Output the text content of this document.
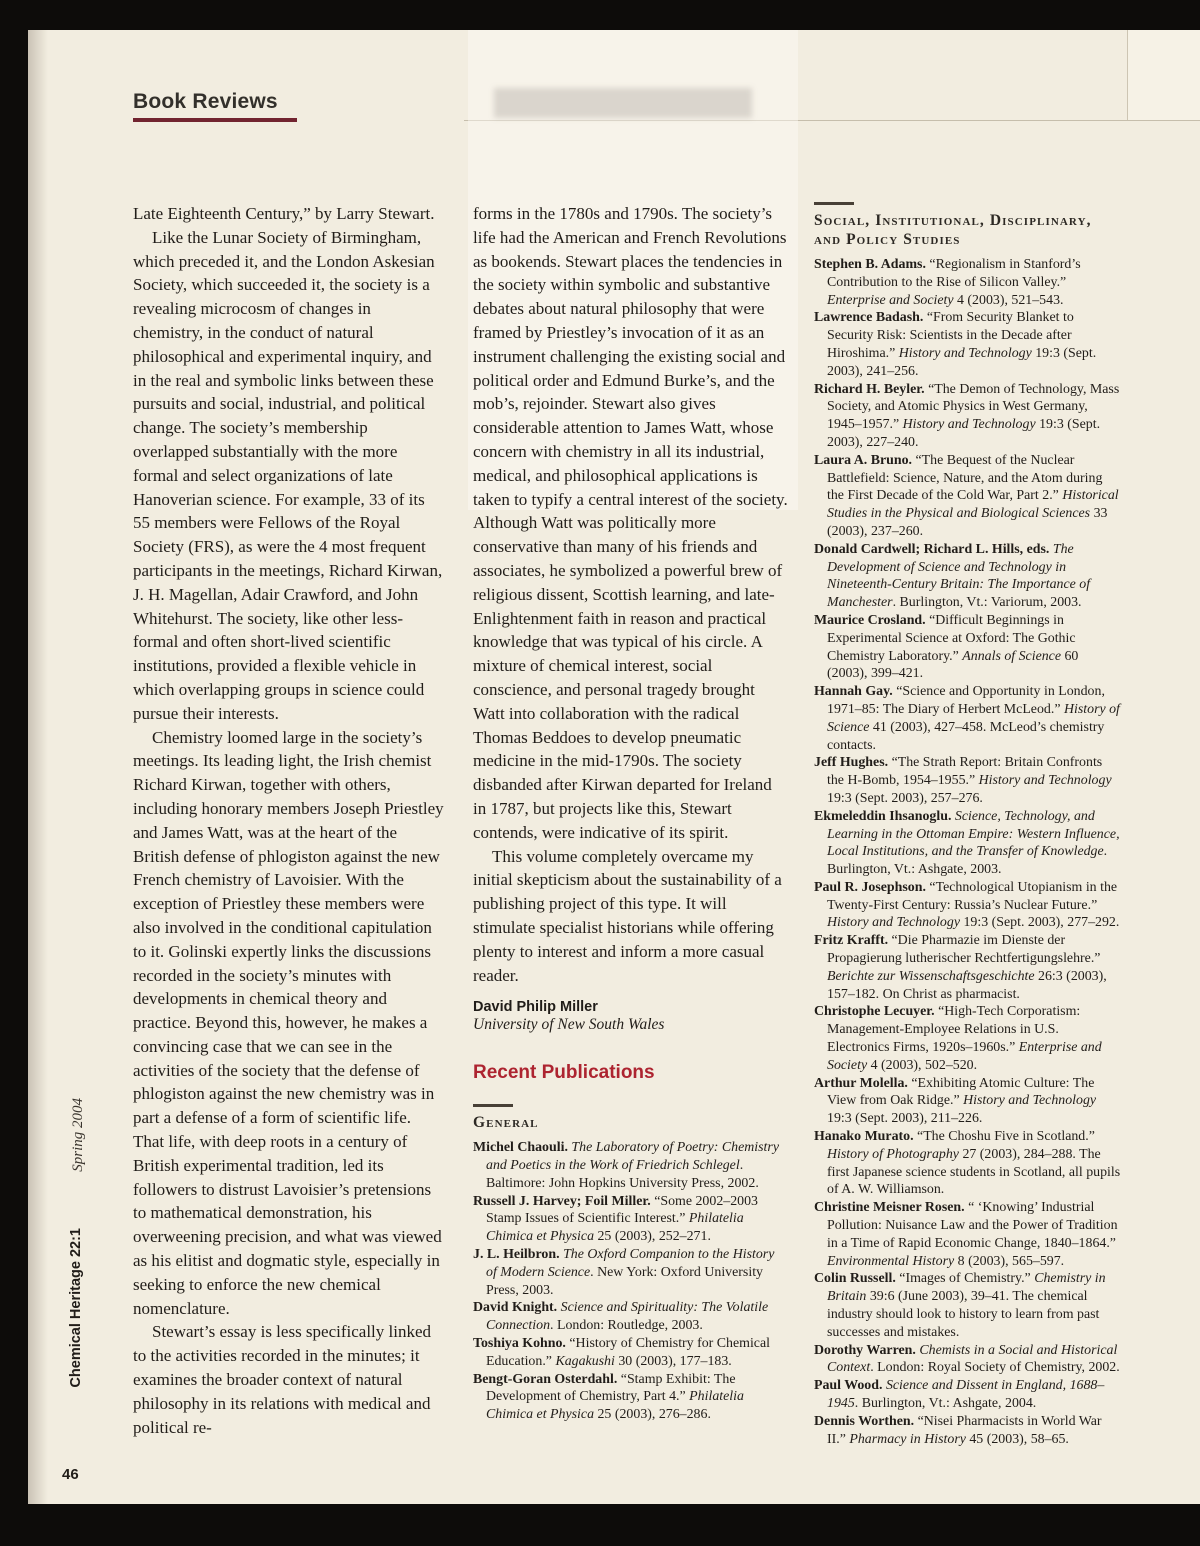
Book Reviews

Late Eighteenth Century,” by Larry Stewart.

Like the Lunar Society of Birmingham, which preceded it, and the London Askesian Society, which succeeded it, the society is a revealing microcosm of changes in chemistry, in the conduct of natural philosophical and experimental inquiry, and in the real and symbolic links between these pursuits and social, industrial, and political change. The society’s membership overlapped substantially with the more formal and select organizations of late Hanoverian science. For example, 33 of its 55 members were Fellows of the Royal Society (FRS), as were the 4 most frequent participants in the meetings, Richard Kirwan, J. H. Magellan, Adair Crawford, and John Whitehurst. The society, like other less-formal and often short-lived scientific institutions, provided a flexible vehicle in which overlapping groups in science could pursue their interests.

Chemistry loomed large in the society’s meetings. Its leading light, the Irish chemist Richard Kirwan, together with others, including honorary members Joseph Priestley and James Watt, was at the heart of the British defense of phlogiston against the new French chemistry of Lavoisier. With the exception of Priestley these members were also involved in the conditional capitulation to it. Golinski expertly links the discussions recorded in the society’s minutes with developments in chemical theory and practice. Beyond this, however, he makes a convincing case that we can see in the activities of the society that the defense of phlogiston against the new chemistry was in part a defense of a form of scientific life. That life, with deep roots in a century of British experimental tradition, led its followers to distrust Lavoisier’s pretensions to mathematical demonstration, his overweening precision, and what was viewed as his elitist and dogmatic style, especially in seeking to enforce the new chemical nomenclature.

Stewart’s essay is less specifically linked to the activities recorded in the minutes; it examines the broader context of natural philosophy in its relations with medical and political re-

forms in the 1780s and 1790s. The society’s life had the American and French Revolutions as bookends. Stewart places the tendencies in the society within symbolic and substantive debates about natural philosophy that were framed by Priestley’s invocation of it as an instrument challenging the existing social and political order and Edmund Burke’s, and the mob’s, rejoinder. Stewart also gives considerable attention to James Watt, whose concern with chemistry in all its industrial, medical, and philosophical applications is taken to typify a central interest of the society. Although Watt was politically more conservative than many of his friends and associates, he symbolized a powerful brew of religious dissent, Scottish learning, and late-Enlightenment faith in reason and practical knowledge that was typical of his circle. A mixture of chemical interest, social conscience, and personal tragedy brought Watt into collaboration with the radical Thomas Beddoes to develop pneumatic medicine in the mid-1790s. The society disbanded after Kirwan departed for Ireland in 1787, but projects like this, Stewart contends, were indicative of its spirit.

This volume completely overcame my initial skepticism about the sustainability of a publishing project of this type. It will stimulate specialist historians while offering plenty to interest and inform a more casual reader.

David Philip Miller
University of New South Wales
Recent Publications
General

Michel Chaouli. The Laboratory of Poetry: Chemistry and Poetics in the Work of Friedrich Schlegel. Baltimore: John Hopkins University Press, 2002.

Russell J. Harvey; Foil Miller. “Some 2002–2003 Stamp Issues of Scientific Interest.” Philatelia Chimica et Physica 25 (2003), 252–271.

J. L. Heilbron. The Oxford Companion to the History of Modern Science. New York: Oxford University Press, 2003.

David Knight. Science and Spirituality: The Volatile Connection. London: Routledge, 2003.

Toshiya Kohno. “History of Chemistry for Chemical Education.” Kagakushi 30 (2003), 177–183.

Bengt-Goran Osterdahl. “Stamp Exhibit: The Development of Chemistry, Part 4.” Philatelia Chimica et Physica 25 (2003), 276–286.

Social, Institutional, Disciplinary, and Policy Studies

Stephen B. Adams. “Regionalism in Stanford’s Contribution to the Rise of Silicon Valley.” Enterprise and Society 4 (2003), 521–543.

Lawrence Badash. “From Security Blanket to Security Risk: Scientists in the Decade after Hiroshima.” History and Technology 19:3 (Sept. 2003), 241–256.

Richard H. Beyler. “The Demon of Technology, Mass Society, and Atomic Physics in West Germany, 1945–1957.” History and Technology 19:3 (Sept. 2003), 227–240.

Laura A. Bruno. “The Bequest of the Nuclear Battlefield: Science, Nature, and the Atom during the First Decade of the Cold War, Part 2.” Historical Studies in the Physical and Biological Sciences 33 (2003), 237–260.

Donald Cardwell; Richard L. Hills, eds. The Development of Science and Technology in Nineteenth-Century Britain: The Importance of Manchester. Burlington, Vt.: Variorum, 2003.

Maurice Crosland. “Difficult Beginnings in Experimental Science at Oxford: The Gothic Chemistry Laboratory.” Annals of Science 60 (2003), 399–421.

Hannah Gay. “Science and Opportunity in London, 1971–85: The Diary of Herbert McLeod.” History of Science 41 (2003), 427–458. McLeod’s chemistry contacts.

Jeff Hughes. “The Strath Report: Britain Confronts the H-Bomb, 1954–1955.” History and Technology 19:3 (Sept. 2003), 257–276.

Ekmeleddin Ihsanoglu. Science, Technology, and Learning in the Ottoman Empire: Western Influence, Local Institutions, and the Transfer of Knowledge. Burlington, Vt.: Ashgate, 2003.

Paul R. Josephson. “Technological Utopianism in the Twenty-First Century: Russia’s Nuclear Future.” History and Technology 19:3 (Sept. 2003), 277–292.

Fritz Krafft. “Die Pharmazie im Dienste der Propagierung lutherischer Rechtfertigungslehre.” Berichte zur Wissenschaftsgeschichte 26:3 (2003), 157–182. On Christ as pharmacist.

Christophe Lecuyer. “High-Tech Corporatism: Management-Employee Relations in U.S. Electronics Firms, 1920s–1960s.” Enterprise and Society 4 (2003), 502–520.

Arthur Molella. “Exhibiting Atomic Culture: The View from Oak Ridge.” History and Technology 19:3 (Sept. 2003), 211–226.

Hanako Murato. “The Choshu Five in Scotland.” History of Photography 27 (2003), 284–288. The first Japanese science students in Scotland, all pupils of A. W. Williamson.

Christine Meisner Rosen. “ ‘Knowing’ Industrial Pollution: Nuisance Law and the Power of Tradition in a Time of Rapid Economic Change, 1840–1864.” Environmental History 8 (2003), 565–597.

Colin Russell. “Images of Chemistry.” Chemistry in Britain 39:6 (June 2003), 39–41. The chemical industry should look to history to learn from past successes and mistakes.

Dorothy Warren. Chemists in a Social and Historical Context. London: Royal Society of Chemistry, 2002.

Paul Wood. Science and Dissent in England, 1688–1945. Burlington, Vt.: Ashgate, 2004.

Dennis Worthen. “Nisei Pharmacists in World War II.” Pharmacy in History 45 (2003), 58–65.

Spring 2004
Chemical Heritage 22:1
46
